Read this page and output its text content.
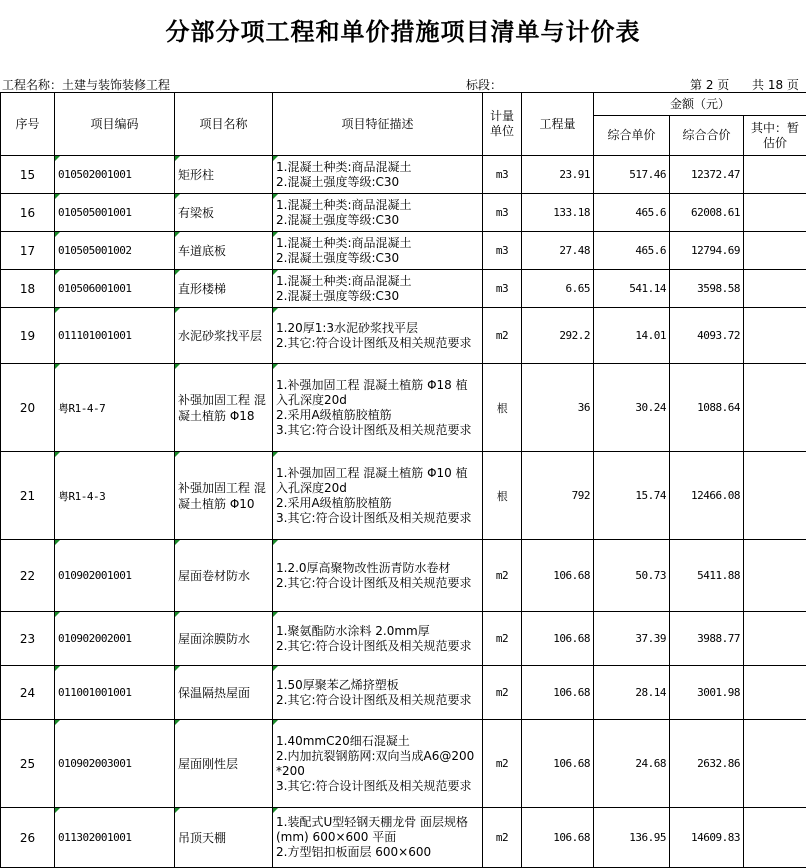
分部分项工程和单价措施项目清单与计价表
工程名称：土建与装饰装修工程	标段：	第 2 页 共 18 页
序号	项目编码	项目名称	项目特征描述	计量单位	工程量	金额（元）		
						综合单价	综合合价	其中：暂估价
15	010502001001	矩形柱	1.混凝土种类:商品混凝土
2.混凝土强度等级:C30	m3	23.91	517.46	12372.47	
16	010505001001	有梁板	1.混凝土种类:商品混凝土
2.混凝土强度等级:C30	m3	133.18	465.6	62008.61	
17	010505001002	车道底板	1.混凝土种类:商品混凝土
2.混凝土强度等级:C30	m3	27.48	465.6	12794.69	
18	010506001001	直形楼梯	1.混凝土种类:商品混凝土
2.混凝土强度等级:C30	m3	6.65	541.14	3598.58	
19	011101001001	水泥砂浆找平层	1.20厚1:3水泥砂浆找平层
2.其它:符合设计图纸及相关规范要求	m2	292.2	14.01	4093.72	
20	粤R1-4-7	补强加固工程 混凝土植筋 Φ18	1.补强加固工程 混凝土植筋 Φ18 植入孔深度20d
2.采用A级植筋胶植筋
3.其它:符合设计图纸及相关规范要求	根	36	30.24	1088.64	
21	粤R1-4-3	补强加固工程 混凝土植筋 Φ10	1.补强加固工程 混凝土植筋 Φ10 植入孔深度20d
2.采用A级植筋胶植筋
3.其它:符合设计图纸及相关规范要求	根	792	15.74	12466.08	
22	010902001001	屋面卷材防水	1.2.0厚高聚物改性沥青防水卷材
2.其它:符合设计图纸及相关规范要求	m2	106.68	50.73	5411.88	
23	010902002001	屋面涂膜防水	1.聚氨酯防水涂料 2.0mm厚
2.其它:符合设计图纸及相关规范要求	m2	106.68	37.39	3988.77	
24	011001001001	保温隔热屋面	1.50厚聚苯乙烯挤塑板
2.其它:符合设计图纸及相关规范要求	m2	106.68	28.14	3001.98	
25	010902003001	屋面刚性层	1.40mmC20细石混凝土
2.内加抗裂钢筋网:双向当成A6@200*200
3.其它:符合设计图纸及相关规范要求	m2	106.68	24.68	2632.86	
26	011302001001	吊顶天棚	1.装配式U型轻钢天棚龙骨 面层规格(mm) 600×600 平面
2.方型铝扣板面层 600×600	m2	106.68	136.95	14609.83	
